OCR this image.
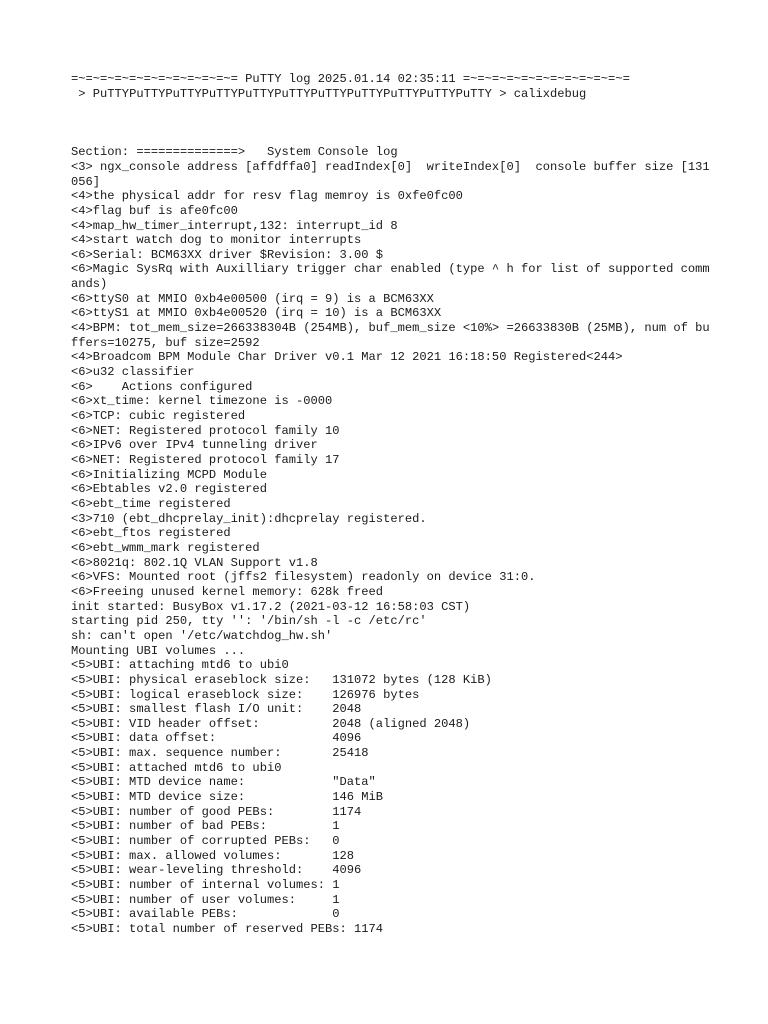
=~=~=~=~=~=~=~=~=~=~=~= PuTTY log 2025.01.14 02:35:11 =~=~=~=~=~=~=~=~=~=~=~=
> PuTTYPuTTYPuTTYPuTTYPuTTYPuTTYPuTTYPuTTYPuTTYPuTTYPuTTY > calixdebug
Section: ==============>   System Console log
<3> ngx_console address [affdffa0] readIndex[0]  writeIndex[0]  console buffer size [131056]
<4>the physical addr for resv flag memroy is 0xfe0fc00
<4>flag buf is afe0fc00
<4>map_hw_timer_interrupt,132: interrupt_id 8
<4>start watch dog to monitor interrupts
<6>Serial: BCM63XX driver $Revision: 3.00 $
<6>Magic SysRq with Auxilliary trigger char enabled (type ^ h for list of supported commands)
<6>ttyS0 at MMIO 0xb4e00500 (irq = 9) is a BCM63XX
<6>ttyS1 at MMIO 0xb4e00520 (irq = 10) is a BCM63XX
<4>BPM: tot_mem_size=266338304B (254MB), buf_mem_size <10%> =26633830B (25MB), num of buffers=10275, buf size=2592
<4>Broadcom BPM Module Char Driver v0.1 Mar 12 2021 16:18:50 Registered<244>
<6>u32 classifier
<6>    Actions configured
<6>xt_time: kernel timezone is -0000
<6>TCP: cubic registered
<6>NET: Registered protocol family 10
<6>IPv6 over IPv4 tunneling driver
<6>NET: Registered protocol family 17
<6>Initializing MCPD Module
<6>Ebtables v2.0 registered
<6>ebt_time registered
<3>710 (ebt_dhcprelay_init):dhcprelay registered.
<6>ebt_ftos registered
<6>ebt_wmm_mark registered
<6>8021q: 802.1Q VLAN Support v1.8
<6>VFS: Mounted root (jffs2 filesystem) readonly on device 31:0.
<6>Freeing unused kernel memory: 628k freed
init started: BusyBox v1.17.2 (2021-03-12 16:58:03 CST)
starting pid 250, tty '': '/bin/sh -l -c /etc/rc'
sh: can't open '/etc/watchdog_hw.sh'
Mounting UBI volumes ...
<5>UBI: attaching mtd6 to ubi0
<5>UBI: physical eraseblock size:   131072 bytes (128 KiB)
<5>UBI: logical eraseblock size:    126976 bytes
<5>UBI: smallest flash I/O unit:    2048
<5>UBI: VID header offset:          2048 (aligned 2048)
<5>UBI: data offset:                4096
<5>UBI: max. sequence number:       25418
<5>UBI: attached mtd6 to ubi0
<5>UBI: MTD device name:            "Data"
<5>UBI: MTD device size:            146 MiB
<5>UBI: number of good PEBs:        1174
<5>UBI: number of bad PEBs:         1
<5>UBI: number of corrupted PEBs:   0
<5>UBI: max. allowed volumes:       128
<5>UBI: wear-leveling threshold:    4096
<5>UBI: number of internal volumes: 1
<5>UBI: number of user volumes:     1
<5>UBI: available PEBs:             0
<5>UBI: total number of reserved PEBs: 1174
